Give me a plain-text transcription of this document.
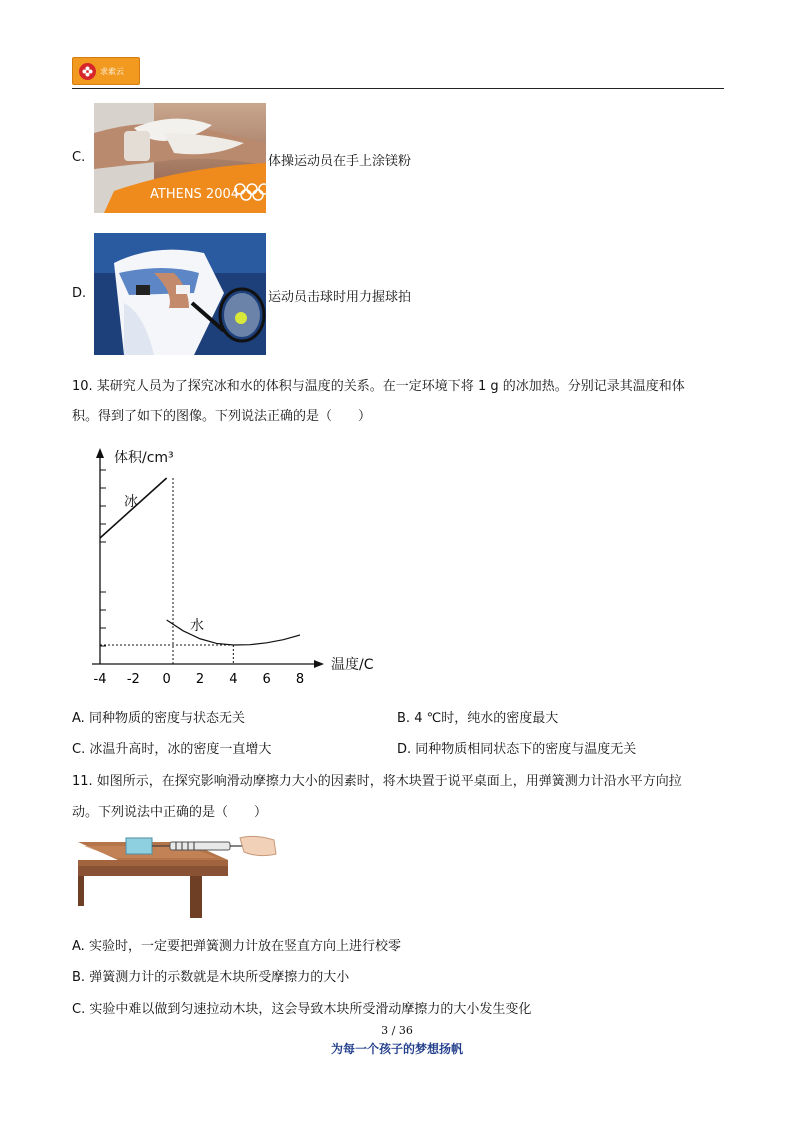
求索云
C.
ATHENS 2004
体操运动员在手上涂镁粉
D.	运动员击球时用力握球拍
10. 某研究人员为了探究冰和水的体积与温度的关系。在一定环境下将 1 g 的冰加热。分别记录其温度和体
积。得到了如下的图像。下列说法正确的是（　　）
体积/cm³
温度/C
冰
水
-4 -2 0 2 4 6 8
A. 同种物质的密度与状态无关	B. 4 ℃时，纯水的密度最大
C. 冰温升高时，冰的密度一直增大	D. 同种物质相同状态下的密度与温度无关
11. 如图所示，在探究影响滑动摩擦力大小的因素时，将木块置于说平桌面上，用弹簧测力计沿水平方向拉
动。下列说法中正确的是（　　）
A. 实验时，一定要把弹簧测力计放在竖直方向上进行校零
B. 弹簧测力计的示数就是木块所受摩擦力的大小
C. 实验中难以做到匀速拉动木块，这会导致木块所受滑动摩擦力的大小发生变化
3 / 36
为每一个孩子的梦想扬帆
